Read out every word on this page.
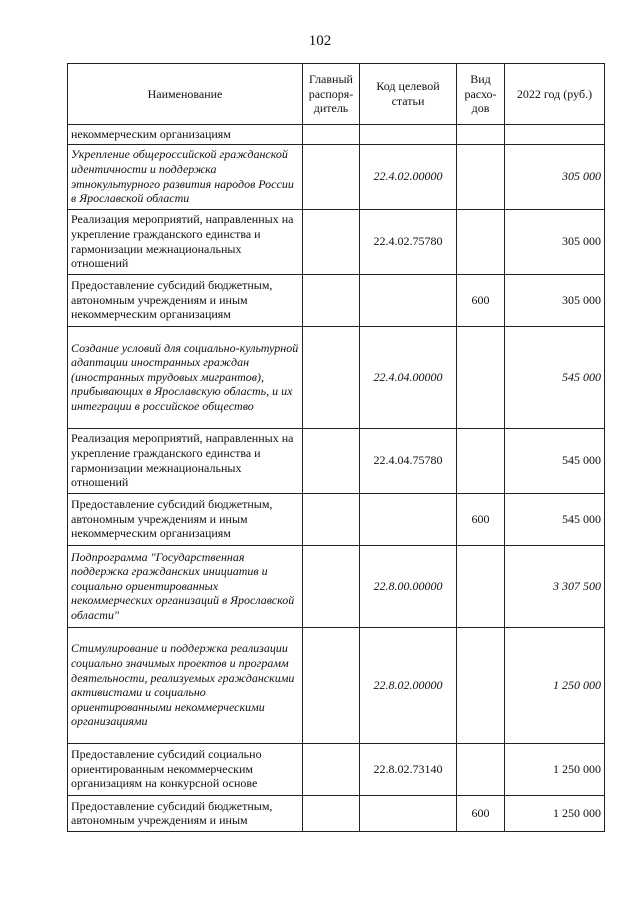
102
Наименование	Главный распоря-дитель	Код целевой статьи	Вид расхо-дов	2022 год (руб.)
некоммерческим организациям				
Укрепление общероссийской гражданской идентичности и поддержка этнокультурного развития народов России в Ярославской области		22.4.02.00000		305 000
Реализация мероприятий, направленных на укрепление гражданского единства и гармонизации межнациональных отношений		22.4.02.75780		305 000
Предоставление субсидий бюджетным, автономным учреждениям и иным некоммерческим организациям			600	305 000
Создание условий для социально-культурной адаптации иностранных граждан (иностранных трудовых мигрантов), прибывающих в Ярославскую область, и их интеграции в российское общество		22.4.04.00000		545 000
Реализация мероприятий, направленных на укрепление гражданского единства и гармонизации межнациональных отношений		22.4.04.75780		545 000
Предоставление субсидий бюджетным, автономным учреждениям и иным некоммерческим организациям			600	545 000
Подпрограмма "Государственная поддержка гражданских инициатив и социально ориентированных некоммерческих организаций в Ярославской области"		22.8.00.00000		3 307 500
Стимулирование и поддержка реализации социально значимых проектов и программ деятельности, реализуемых гражданскими активистами и социально ориентированными некоммерческими организациями		22.8.02.00000		1 250 000
Предоставление субсидий социально ориентированным некоммерческим организациям на конкурсной основе		22.8.02.73140		1 250 000
Предоставление субсидий бюджетным, автономным учреждениям и иным			600	1 250 000
